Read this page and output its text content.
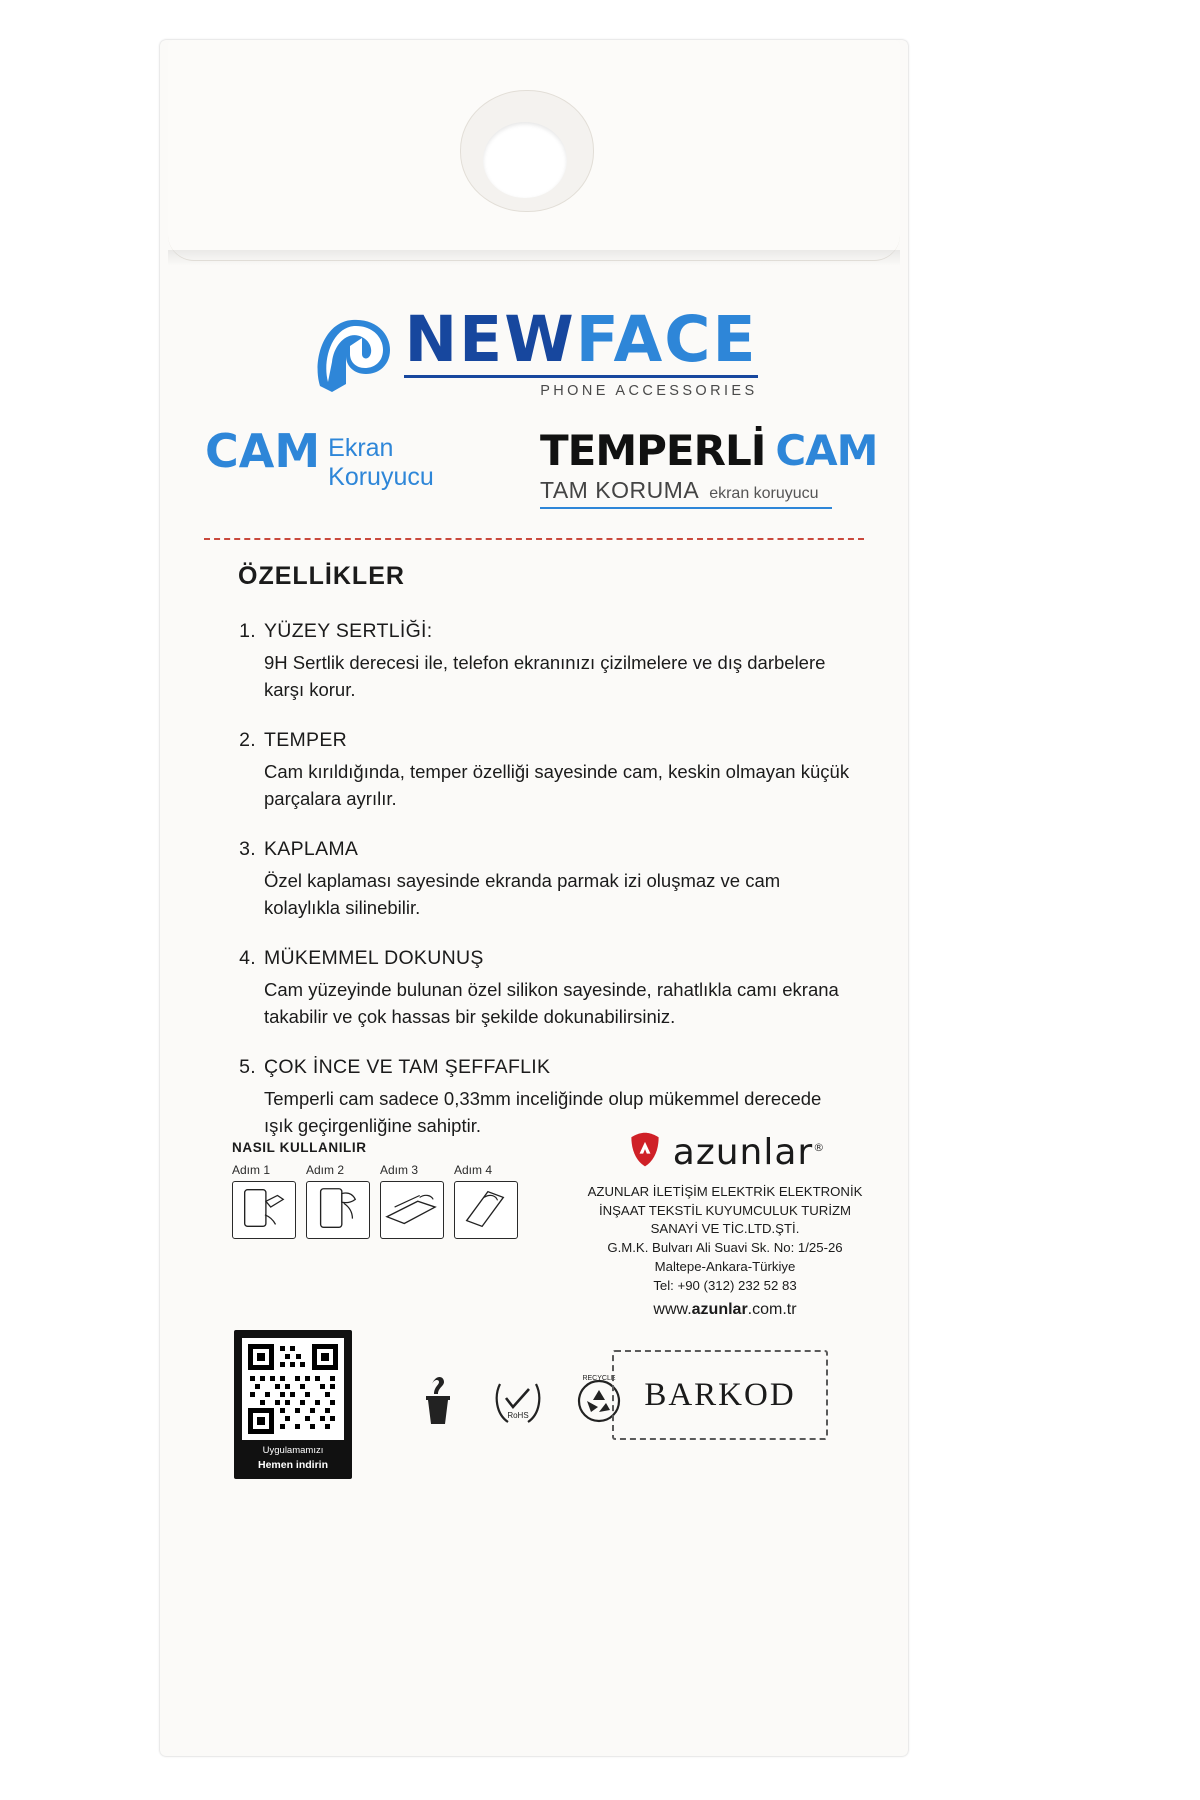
NEWFACE
PHONE ACCESSORIES
CAM Ekran
Koruyucu
TEMPERLİ CAM
TAM KORUMA ekran koruyucu
ÖZELLİKLER
1. YÜZEY SERTLİĞİ:
9H Sertlik derecesi ile, telefon ekranınızı çizilmelere ve dış darbelere karşı korur.
2. TEMPER
Cam kırıldığında, temper özelliği sayesinde cam, keskin olmayan küçük parçalara ayrılır.
3. KAPLAMA
Özel kaplaması sayesinde ekranda parmak izi oluşmaz ve cam kolaylıkla silinebilir.
4. MÜKEMMEL DOKUNUŞ
Cam yüzeyinde bulunan özel silikon sayesinde, rahatlıkla camı ekrana takabilir ve çok hassas bir şekilde dokunabilirsiniz.
5. ÇOK İNCE VE TAM ŞEFFAFLIK
Temperli cam sadece 0,33mm inceliğinde olup mükemmel derecede ışık geçirgenliğine sahiptir.
NASIL KULLANILIR
Adım 1	Adım 2	Adım 3	Adım 4	azunlar®
AZUNLAR İLETİŞİM ELEKTRİK ELEKTRONİK
İNŞAAT TEKSTİL KUYUMCULUK TURİZM
SANAYİ VE TİC.LTD.ŞTİ.
G.M.K. Bulvarı Ali Suavi Sk. No: 1/25-26
Maltepe-Ankara-Türkiye
Tel: +90 (312) 232 52 83
www.azunlar.com.tr
Uygulamamızı
Hemen indirin
RoHS
RECYCLE BARKOD
